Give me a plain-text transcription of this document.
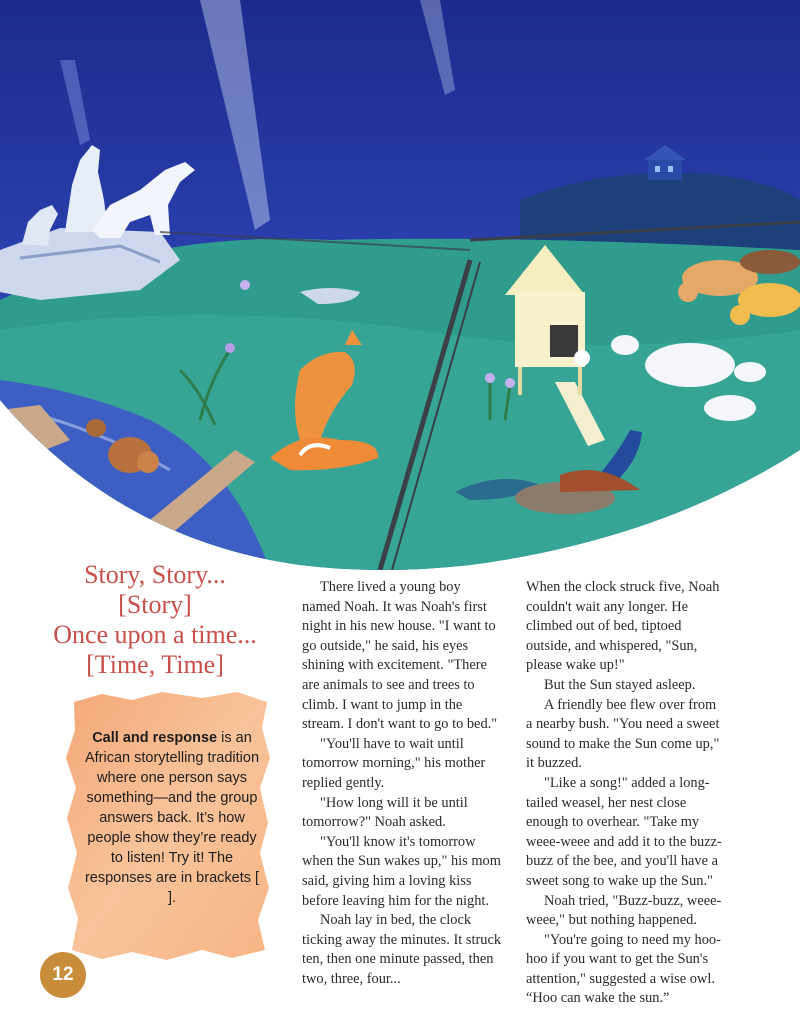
Story, Story...
[Story]
Once upon a time...
[Time, Time]
Call and response is an African storytelling tradition where one person says something—and the group answers back. It’s how people show they’re ready to listen! Try it! The responses are in brackets [ ].
12

There lived a young boy named Noah. It was Noah's first night in his new house. "I want to go outside," he said, his eyes shining with excitement. "There are animals to see and trees to climb. I want to jump in the stream. I don't want to go to bed."

"You'll have to wait until tomorrow morning," his mother replied gently.

"How long will it be until tomorrow?" Noah asked.

"You'll know it's tomorrow when the Sun wakes up," his mom said, giving him a loving kiss before leaving him for the night.

Noah lay in bed, the clock ticking away the minutes. It struck ten, then one minute passed, then two, three, four...

When the clock struck five, Noah couldn't wait any longer. He climbed out of bed, tiptoed outside, and whispered, "Sun, please wake up!"

But the Sun stayed asleep.

A friendly bee flew over from a nearby bush. "You need a sweet sound to make the Sun come up," it buzzed.

"Like a song!" added a long-tailed weasel, her nest close enough to overhear. "Take my weee-weee and add it to the buzz-buzz of the bee, and you'll have a sweet song to wake up the Sun."

Noah tried, "Buzz-buzz, weee-weee," but nothing happened.

"You're going to need my hoo-hoo if you want to get the Sun's attention," suggested a wise owl. “Hoo can wake the sun.”
